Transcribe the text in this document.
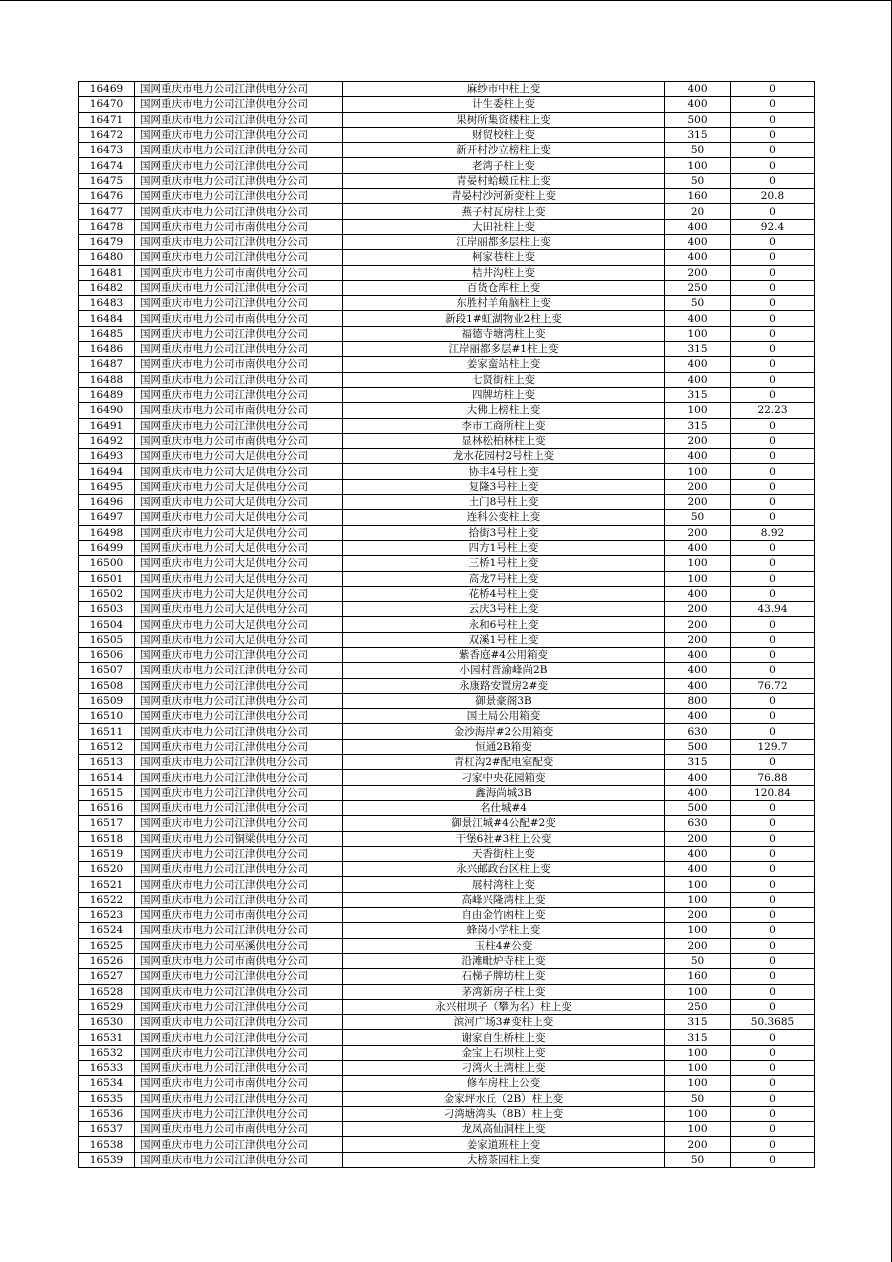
16469	国网重庆市电力公司江津供电分公司	麻纱市中柱上变	400	0
16470	国网重庆市电力公司江津供电分公司	计生委柱上变	400	0
16471	国网重庆市电力公司江津供电分公司	果树所集资楼柱上变	500	0
16472	国网重庆市电力公司江津供电分公司	财贸校柱上变	315	0
16473	国网重庆市电力公司江津供电分公司	新开村沙立榜柱上变	50	0
16474	国网重庆市电力公司江津供电分公司	老湾子柱上变	100	0
16475	国网重庆市电力公司江津供电分公司	青晏村蛤蟆丘柱上变	50	0
16476	国网重庆市电力公司江津供电分公司	青晏村沙河新变柱上变	160	20.8
16477	国网重庆市电力公司江津供电分公司	燕子村瓦房柱上变	20	0
16478	国网重庆市电力公司市南供电分公司	大田社柱上变	400	92.4
16479	国网重庆市电力公司江津供电分公司	江岸丽都多层柱上变	400	0
16480	国网重庆市电力公司江津供电分公司	柯家巷柱上变	400	0
16481	国网重庆市电力公司市南供电分公司	桔井沟柱上变	200	0
16482	国网重庆市电力公司江津供电分公司	百货仓库柱上变	250	0
16483	国网重庆市电力公司江津供电分公司	东胜村羊角脑柱上变	50	0
16484	国网重庆市电力公司市南供电分公司	新段1#虹湖物业2柱上变	400	0
16485	国网重庆市电力公司江津供电分公司	福德寺塘湾柱上变	100	0
16486	国网重庆市电力公司江津供电分公司	江岸丽都多层#1柱上变	315	0
16487	国网重庆市电力公司市南供电分公司	姜家蛮站柱上变	400	0
16488	国网重庆市电力公司江津供电分公司	七贤街柱上变	400	0
16489	国网重庆市电力公司江津供电分公司	四牌坊柱上变	315	0
16490	国网重庆市电力公司市南供电分公司	大佛上榜柱上变	100	22.23
16491	国网重庆市电力公司江津供电分公司	李市工商所柱上变	315	0
16492	国网重庆市电力公司市南供电分公司	显林松柏林柱上变	200	0
16493	国网重庆市电力公司大足供电分公司	龙水花园村2号柱上变	400	0
16494	国网重庆市电力公司大足供电分公司	协丰4号柱上变	100	0
16495	国网重庆市电力公司大足供电分公司	复隆3号柱上变	200	0
16496	国网重庆市电力公司大足供电分公司	土门8号柱上变	200	0
16497	国网重庆市电力公司大足供电分公司	连科公变柱上变	50	0
16498	国网重庆市电力公司大足供电分公司	拾街3号柱上变	200	8.92
16499	国网重庆市电力公司大足供电分公司	四方1号柱上变	400	0
16500	国网重庆市电力公司大足供电分公司	三桥1号柱上变	100	0
16501	国网重庆市电力公司大足供电分公司	高龙7号柱上变	100	0
16502	国网重庆市电力公司大足供电分公司	花桥4号柱上变	400	0
16503	国网重庆市电力公司大足供电分公司	云庆3号柱上变	200	43.94
16504	国网重庆市电力公司大足供电分公司	永和6号柱上变	200	0
16505	国网重庆市电力公司大足供电分公司	双溪1号柱上变	200	0
16506	国网重庆市电力公司江津供电分公司	紫香庭#4公用箱变	400	0
16507	国网重庆市电力公司江津供电分公司	小园村晋渝峰尚2B	400	0
16508	国网重庆市电力公司江津供电分公司	永康路安置房2#变	400	76.72
16509	国网重庆市电力公司江津供电分公司	御景豪阁3B	800	0
16510	国网重庆市电力公司江津供电分公司	国土局公用箱变	400	0
16511	国网重庆市电力公司江津供电分公司	金沙海岸#2公用箱变	630	0
16512	国网重庆市电力公司江津供电分公司	恒通2B箱变	500	129.7
16513	国网重庆市电力公司江津供电分公司	青杠沟2#配电室配变	315	0
16514	国网重庆市电力公司江津供电分公司	刁家中央花园箱变	400	76.88
16515	国网重庆市电力公司江津供电分公司	鑫海尚城3B	400	120.84
16516	国网重庆市电力公司江津供电分公司	名仕城#4	500	0
16517	国网重庆市电力公司江津供电分公司	御景江城#4公配#2变	630	0
16518	国网重庆市电力公司铜梁供电分公司	干堡6社#3柱上公变	200	0
16519	国网重庆市电力公司江津供电分公司	天香街柱上变	400	0
16520	国网重庆市电力公司江津供电分公司	永兴邮政台区柱上变	400	0
16521	国网重庆市电力公司江津供电分公司	展村湾柱上变	100	0
16522	国网重庆市电力公司江津供电分公司	高峰兴隆湾柱上变	100	0
16523	国网重庆市电力公司市南供电分公司	自由金竹凼柱上变	200	0
16524	国网重庆市电力公司江津供电分公司	蜂岗小学柱上变	100	0
16525	国网重庆市电力公司巫溪供电分公司	玉柱4#公变	200	0
16526	国网重庆市电力公司市南供电分公司	沿滩毗炉寺柱上变	50	0
16527	国网重庆市电力公司江津供电分公司	石梯子牌坊柱上变	160	0
16528	国网重庆市电力公司江津供电分公司	茅湾新房子柱上变	100	0
16529	国网重庆市电力公司江津供电分公司	永兴柑坝子（攀为名）柱上变	250	0
16530	国网重庆市电力公司江津供电分公司	滨河广场3#变柱上变	315	50.3685
16531	国网重庆市电力公司江津供电分公司	谢家自生桥柱上变	315	0
16532	国网重庆市电力公司江津供电分公司	金宝上石坝柱上变	100	0
16533	国网重庆市电力公司江津供电分公司	刁湾火土湾柱上变	100	0
16534	国网重庆市电力公司市南供电分公司	修车房柱上公变	100	0
16535	国网重庆市电力公司江津供电分公司	金家坪水丘（2B）柱上变	50	0
16536	国网重庆市电力公司江津供电分公司	刁湾塘湾头（8B）柱上变	100	0
16537	国网重庆市电力公司市南供电分公司	龙凤高仙洞柱上变	100	0
16538	国网重庆市电力公司江津供电分公司	姜家道班柱上变	200	0
16539	国网重庆市电力公司江津供电分公司	大榜茶园柱上变	50	0
